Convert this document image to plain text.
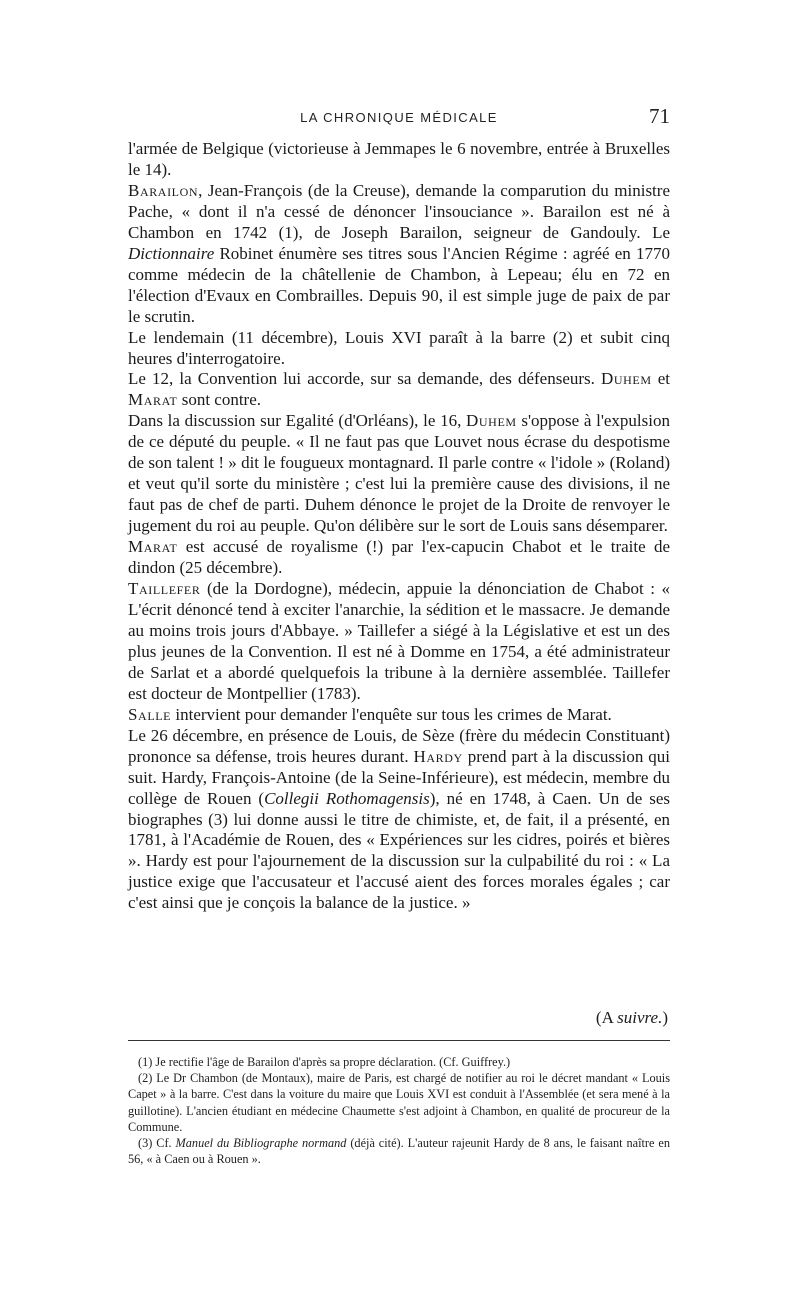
LA CHRONIQUE MÉDICALE	71

l'armée de Belgique (victorieuse à Jemmapes le 6 novembre, entrée à Bruxelles le 14).

Barailon, Jean-François (de la Creuse), demande la comparution du ministre Pache, « dont il n'a cessé de dénoncer l'insouciance ». Barailon est né à Chambon en 1742 (1), de Joseph Barailon, seigneur de Gandouly. Le Dictionnaire Robinet énumère ses titres sous l'Ancien Régime : agréé en 1770 comme médecin de la châtellenie de Chambon, à Lepeau; élu en 72 en l'élection d'Evaux en Combrailles. Depuis 90, il est simple juge de paix de par le scrutin.

Le lendemain (11 décembre), Louis XVI paraît à la barre (2) et subit cinq heures d'interrogatoire.

Le 12, la Convention lui accorde, sur sa demande, des défenseurs. Duhem et Marat sont contre.

Dans la discussion sur Egalité (d'Orléans), le 16, Duhem s'oppose à l'expulsion de ce député du peuple. « Il ne faut pas que Louvet nous écrase du despotisme de son talent ! » dit le fougueux montagnard. Il parle contre « l'idole » (Roland) et veut qu'il sorte du ministère ; c'est lui la première cause des divisions, il ne faut pas de chef de parti. Duhem dénonce le projet de la Droite de renvoyer le jugement du roi au peuple. Qu'on délibère sur le sort de Louis sans désemparer.

Marat est accusé de royalisme (!) par l'ex-capucin Chabot et le traite de dindon (25 décembre).

Taillefer (de la Dordogne), médecin, appuie la dénonciation de Chabot : « L'écrit dénoncé tend à exciter l'anarchie, la sédition et le massacre. Je demande au moins trois jours d'Abbaye. » Taillefer a siégé à la Législative et est un des plus jeunes de la Convention. Il est né à Domme en 1754, a été administrateur de Sarlat et a abordé quelquefois la tribune à la dernière assemblée. Taillefer est docteur de Montpellier (1783).

Salle intervient pour demander l'enquête sur tous les crimes de Marat.

Le 26 décembre, en présence de Louis, de Sèze (frère du médecin Constituant) prononce sa défense, trois heures durant. Hardy prend part à la discussion qui suit. Hardy, François-Antoine (de la Seine-Inférieure), est médecin, membre du collège de Rouen (Collegii Rothomagensis), né en 1748, à Caen. Un de ses biographes (3) lui donne aussi le titre de chimiste, et, de fait, il a présenté, en 1781, à l'Académie de Rouen, des « Expériences sur les cidres, poirés et bières ». Hardy est pour l'ajournement de la discussion sur la culpabilité du roi : « La justice exige que l'accusateur et l'accusé aient des forces morales égales ; car c'est ainsi que je conçois la balance de la justice. »

(A suivre.)

(1) Je rectifie l'âge de Barailon d'après sa propre déclaration. (Cf. Guiffrey.)

(2) Le Dr Chambon (de Montaux), maire de Paris, est chargé de notifier au roi le décret mandant « Louis Capet » à la barre. C'est dans la voiture du maire que Louis XVI est conduit à l'Assemblée (et sera mené à la guillotine). L'ancien étudiant en médecine Chaumette s'est adjoint à Chambon, en qualité de procureur de la Commune.

(3) Cf. Manuel du Bibliographe normand (déjà cité). L'auteur rajeunit Hardy de 8 ans, le faisant naître en 56, « à Caen ou à Rouen ».
